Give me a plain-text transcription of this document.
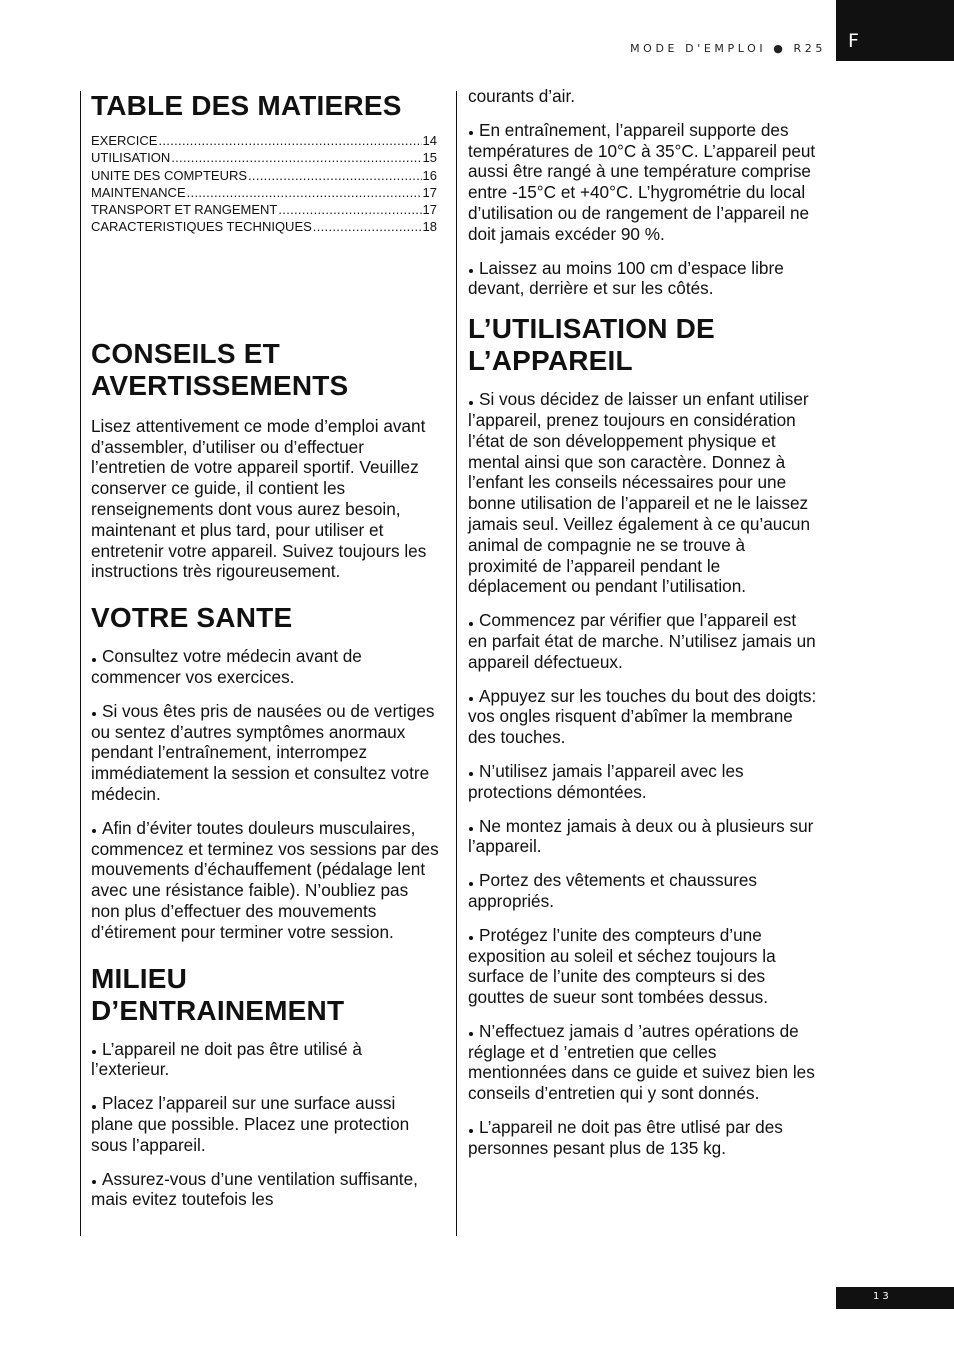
MODE D'EMPLOI ● R25 F
13
TABLE DES MATIERES
EXERCICE .....	14
UTILISATION .....	15
UNITE DES COMPTEURS .....	16
MAINTENANCE .....	17
TRANSPORT ET RANGEMENT .....	17
CARACTERISTIQUES TECHNIQUES .....	18
CONSEILS ET AVERTISSEMENTS

Lisez attentivement ce mode d’emploi avant d’assembler, d’utiliser ou d’effectuer l’entretien de votre appareil sportif. Veuillez conserver ce guide, il contient les renseignements dont vous aurez besoin, maintenant et plus tard, pour utiliser et entretenir votre appareil. Suivez toujours les instructions très rigoureusement.

VOTRE SANTE

Consultez votre médecin avant de commencer vos exercices.

Si vous êtes pris de nausées ou de vertiges ou sentez d’autres symptômes anormaux pendant l’entraînement, interrompez immédiatement la session et consultez votre médecin.

Afin d’éviter toutes douleurs musculaires, commencez et terminez vos sessions par des mouvements d’échauffement (pédalage lent avec une résistance faible). N’oubliez pas non plus d’effectuer des mouvements d’étirement pour terminer votre session.

MILIEU D’ENTRAINEMENT

L’appareil ne doit pas être utilisé à l’exterieur.

Placez l’appareil sur une surface aussi plane que possible. Placez une protection sous l’appareil.

Assurez-vous d’une ventilation suffisante, mais evitez toutefois les

courants d’air.

En entraînement, l’appareil supporte des températures de 10°C à 35°C. L’appareil peut aussi être rangé à une température comprise entre -15°C et +40°C. L’hygrométrie du local d’utilisation ou de rangement de l’appareil ne doit jamais excéder 90 %.

Laissez au moins 100 cm d’espace libre devant, derrière et sur les côtés.

L’UTILISATION DE L’APPAREIL

Si vous décidez de laisser un enfant utiliser l’appareil, prenez toujours en considération l’état de son développement physique et mental ainsi que son caractère. Donnez à l’enfant les conseils nécessaires pour une bonne utilisation de l’appareil et ne le laissez jamais seul. Veillez également à ce qu’aucun animal de compagnie ne se trouve à proximité de l’appareil pendant le déplacement ou pendant l’utilisation.

Commencez par vérifier que l’appareil est en parfait état de marche. N’utilisez jamais un appareil défectueux.

Appuyez sur les touches du bout des doigts: vos ongles risquent d’abîmer la membrane des touches.

N’utilisez jamais l’appareil avec les protections démontées.

Ne montez jamais à deux ou à plusieurs sur l’appareil.

Portez des vêtements et chaussures appropriés.

Protégez l’unite des compteurs d’une exposition au soleil et séchez toujours la surface de l’unite des compteurs si des gouttes de sueur sont tombées dessus.

N’effectuez jamais d ’autres opérations de réglage et d ’entretien que celles mentionnées dans ce guide et suivez bien les conseils d’entretien qui y sont donnés.

L’appareil ne doit pas être utlisé par des personnes pesant plus de 135 kg.
